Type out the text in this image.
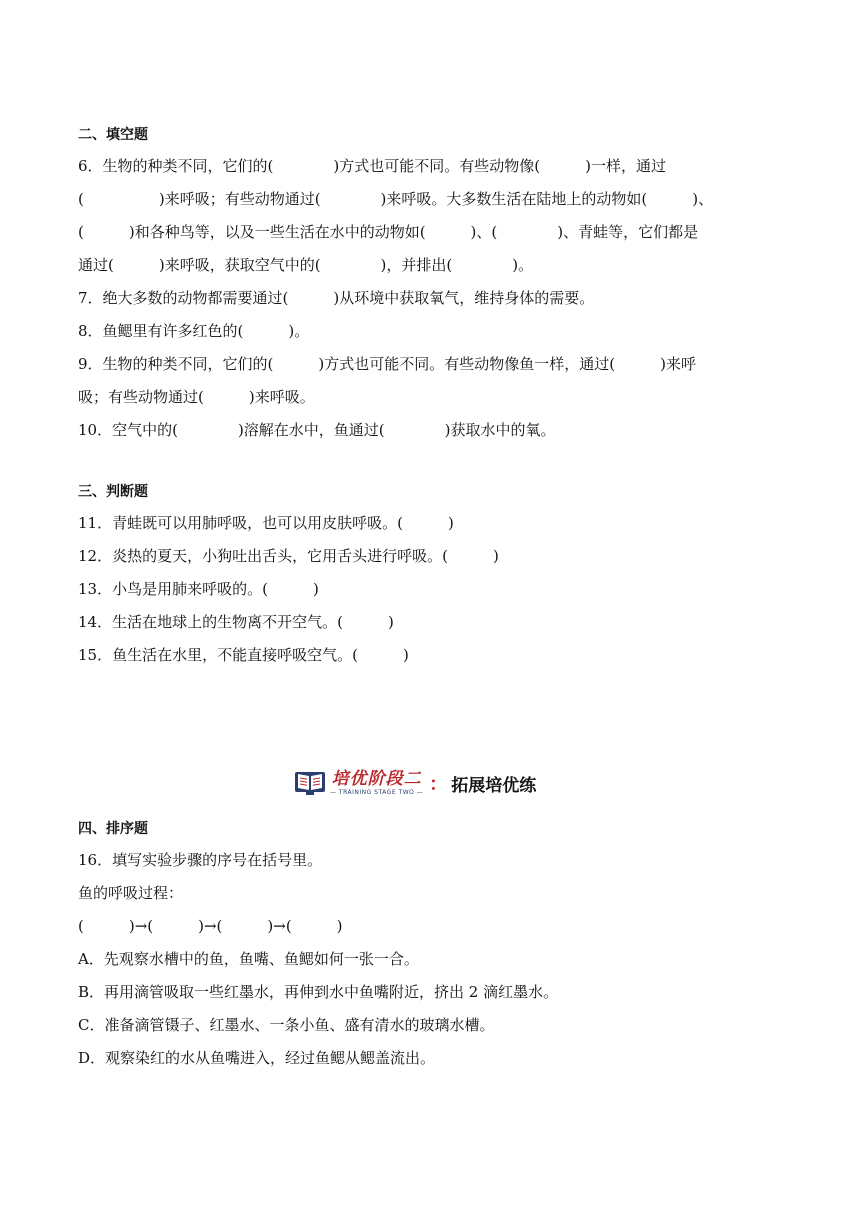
二、填空题
6．生物的种类不同，它们的(　　　　)方式也可能不同。有些动物像(　　　)一样，通过
(　　　　　)来呼吸；有些动物通过(　　　　)来呼吸。大多数生活在陆地上的动物如(　　　)、
(　　　)和各种鸟等，以及一些生活在水中的动物如(　　　)、(　　　　)、青蛙等，它们都是
通过(　　　)来呼吸，获取空气中的(　　　　)，并排出(　　　　)。
7．绝大多数的动物都需要通过(　　　)从环境中获取氧气，维持身体的需要。
8．鱼鳃里有许多红色的(　　　)。
9．生物的种类不同，它们的(　　　)方式也可能不同。有些动物像鱼一样，通过(　　　)来呼
吸；有些动物通过(　　　)来呼吸。
10．空气中的(　　　　)溶解在水中，鱼通过(　　　　)获取水中的氧。
三、判断题
11．青蛙既可以用肺呼吸，也可以用皮肤呼吸。(　　　)
12．炎热的夏天，小狗吐出舌头，它用舌头进行呼吸。(　　　)
13．小鸟是用肺来呼吸的。(　　　)
14．生活在地球上的生物离不开空气。(　　　)
15．鱼生活在水里，不能直接呼吸空气。(　　　)
培优阶段二
— TRAINING STAGE TWO — ： 拓展培优练
四、排序题
16．填写实验步骤的序号在括号里。
鱼的呼吸过程：
(　　　)→(　　　)→(　　　)→(　　　)
A．先观察水槽中的鱼，鱼嘴、鱼鳃如何一张一合。
B．再用滴管吸取一些红墨水，再伸到水中鱼嘴附近，挤出 2 滴红墨水。
C．准备滴管镊子、红墨水、一条小鱼、盛有清水的玻璃水槽。
D．观察染红的水从鱼嘴进入，经过鱼鳃从鳃盖流出。
